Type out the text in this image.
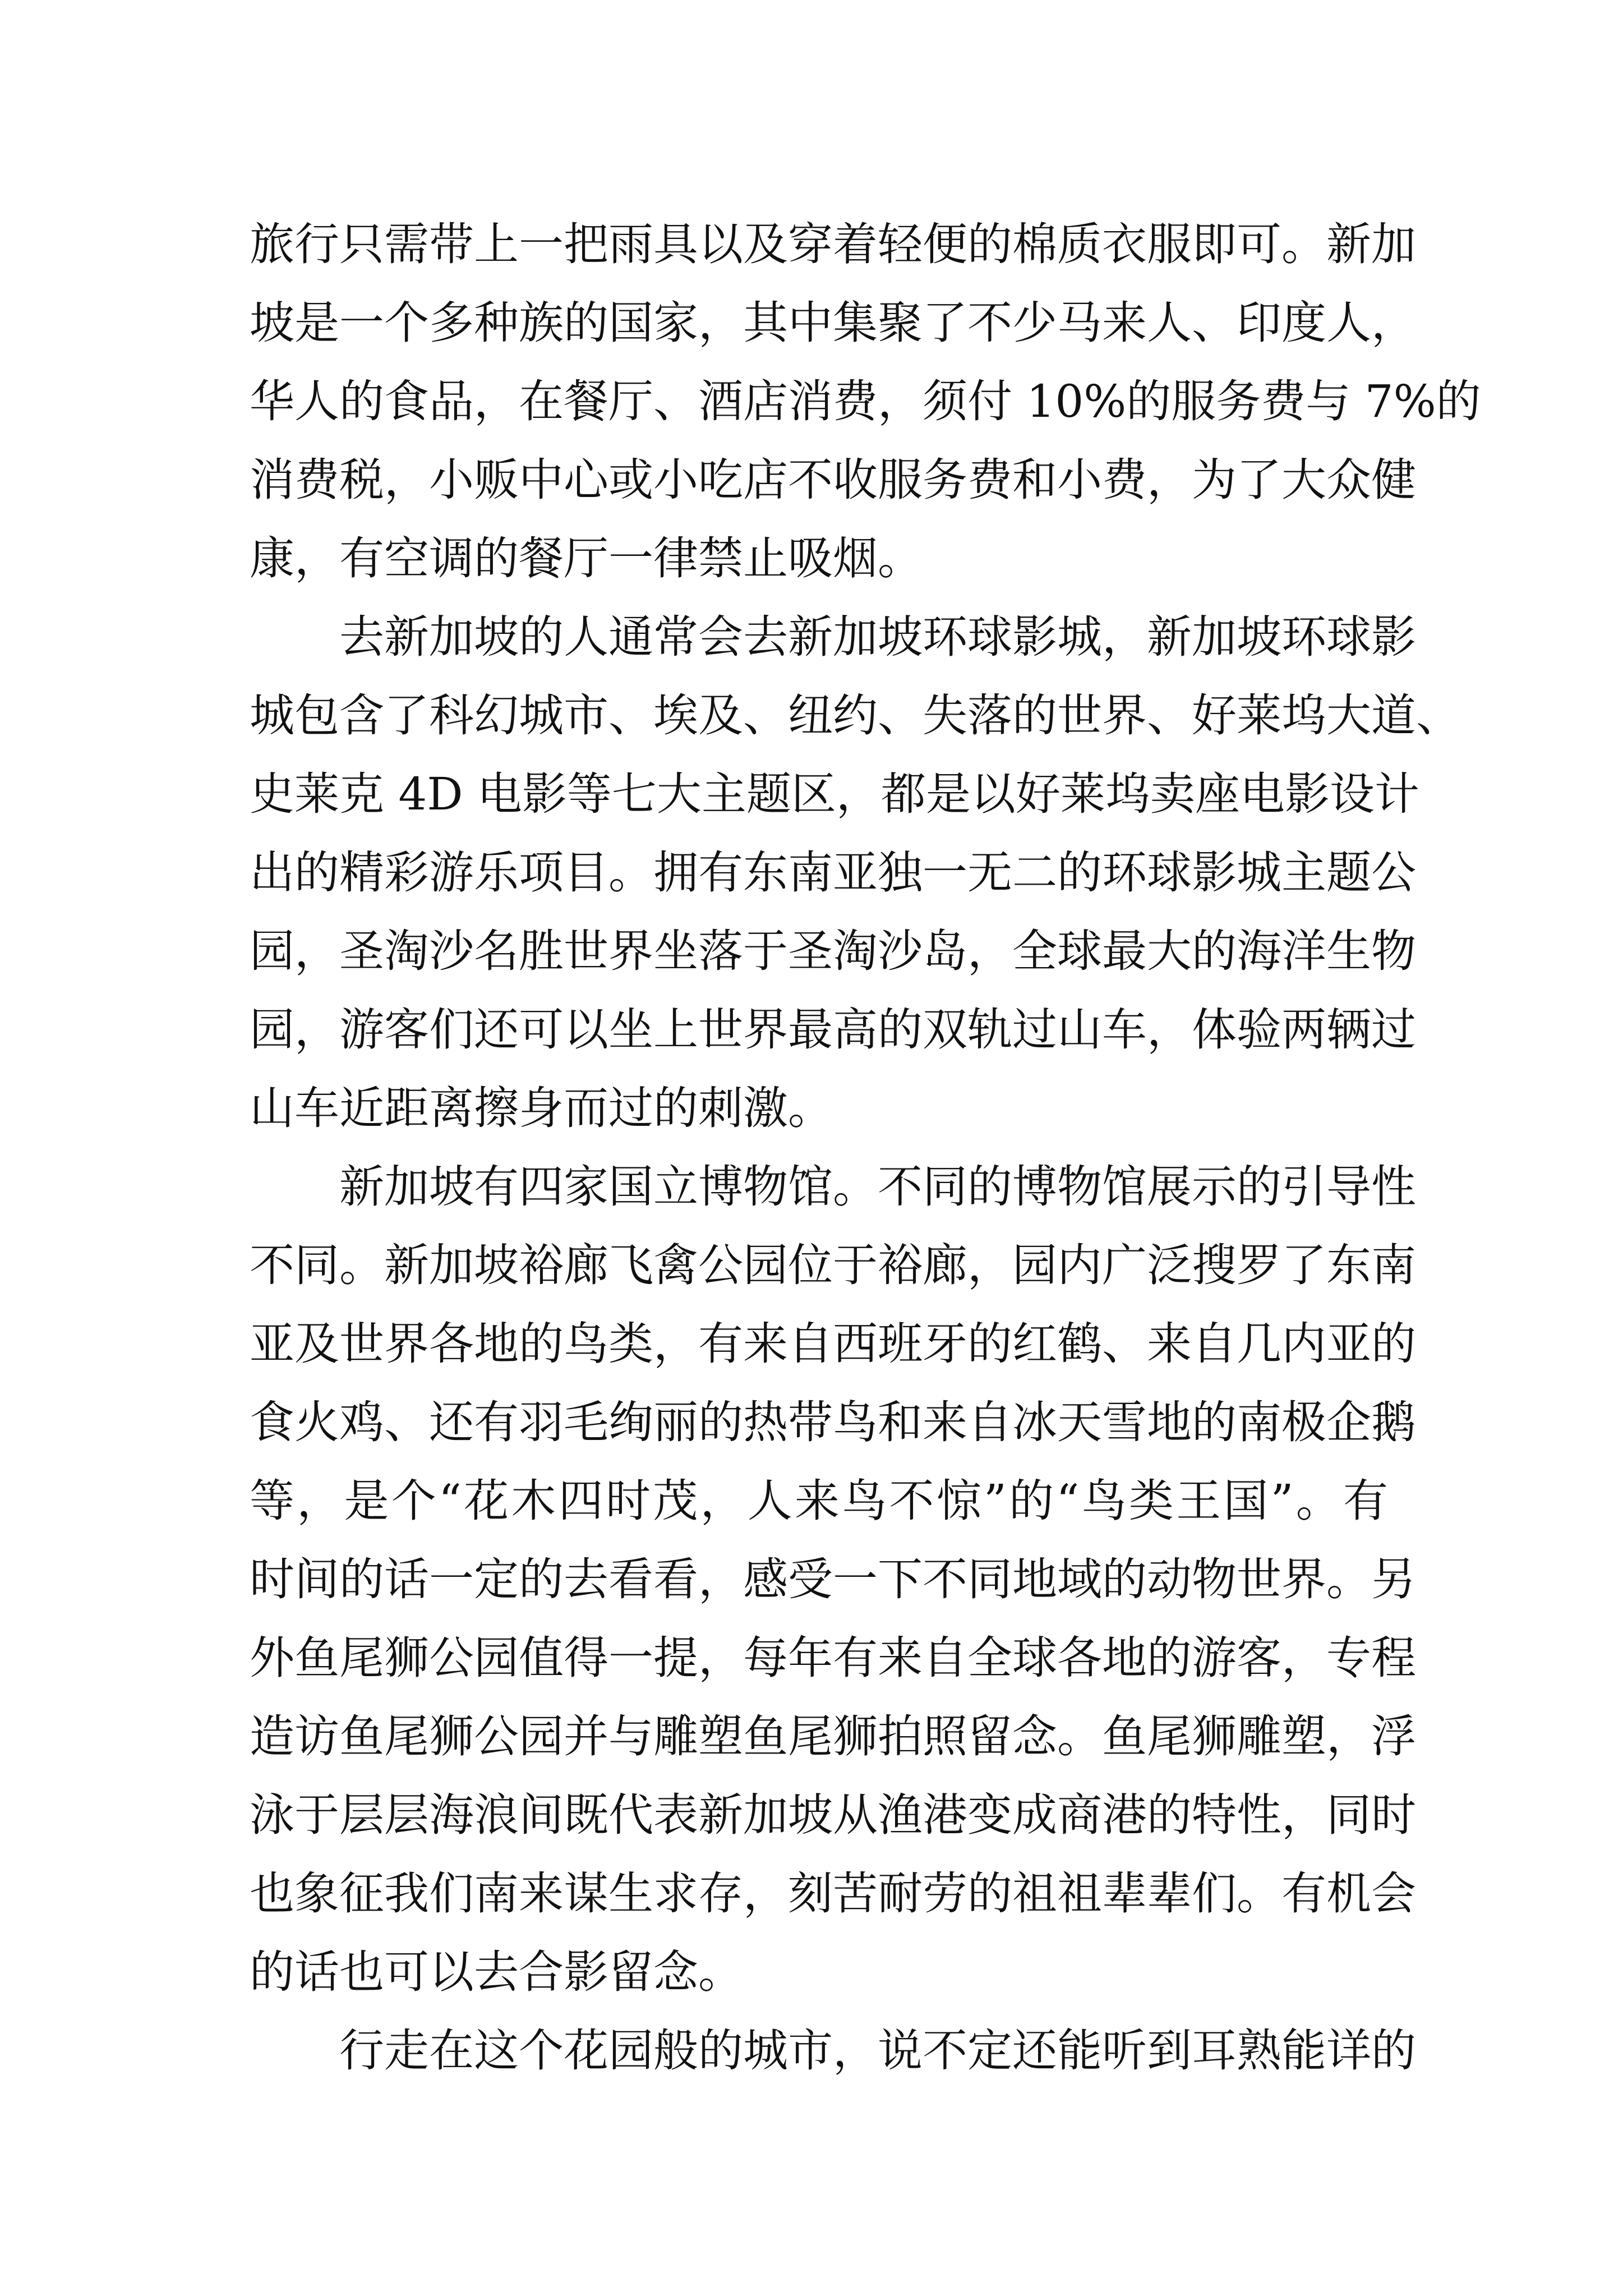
旅行只需带上一把雨具以及穿着轻便的棉质衣服即可。新加

坡是一个多种族的国家，其中集聚了不少马来人、印度人，

华人的食品，在餐厅、酒店消费，须付 10%的服务费与 7%的

消费税，小贩中心或小吃店不收服务费和小费，为了大众健

康，有空调的餐厅一律禁止吸烟。

去新加坡的人通常会去新加坡环球影城，新加坡环球影

城包含了科幻城市、埃及、纽约、失落的世界、好莱坞大道、

史莱克 4D 电影等七大主题区，都是以好莱坞卖座电影设计

出的精彩游乐项目。拥有东南亚独一无二的环球影城主题公

园，圣淘沙名胜世界坐落于圣淘沙岛，全球最大的海洋生物

园，游客们还可以坐上世界最高的双轨过山车，体验两辆过

山车近距离擦身而过的刺激。

新加坡有四家国立博物馆。不同的博物馆展示的引导性

不同。新加坡裕廊飞禽公园位于裕廊，园内广泛搜罗了东南

亚及世界各地的鸟类，有来自西班牙的红鹤、来自几内亚的

食火鸡、还有羽毛绚丽的热带鸟和来自冰天雪地的南极企鹅

等，是个“花木四时茂，人来鸟不惊”的“鸟类王国”。有

时间的话一定的去看看，感受一下不同地域的动物世界。另

外鱼尾狮公园值得一提，每年有来自全球各地的游客，专程

造访鱼尾狮公园并与雕塑鱼尾狮拍照留念。鱼尾狮雕塑，浮

泳于层层海浪间既代表新加坡从渔港变成商港的特性，同时

也象征我们南来谋生求存，刻苦耐劳的祖祖辈辈们。有机会

的话也可以去合影留念。

行走在这个花园般的城市，说不定还能听到耳熟能详的
